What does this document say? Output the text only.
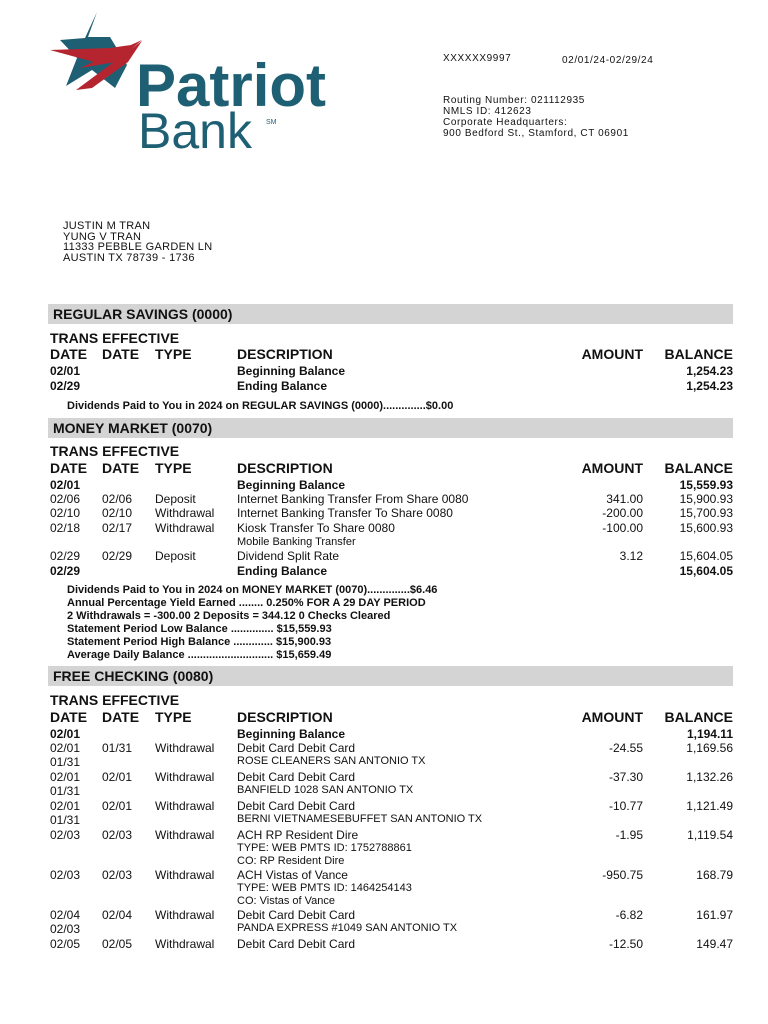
Patriot
Bank SM
XXXXXX9997	02/01/24-02/29/24
Routing Number: 021112935
NMLS ID: 412623
Corporate Headquarters:
900 Bedford St., Stamford, CT 06901
JUSTIN M TRAN
YUNG V TRAN
11333 PEBBLE GARDEN LN
AUSTIN TX 78739 - 1736
REGULAR SAVINGS (0000)
TRANS EFFECTIVE
DATE DATE TYPE	DESCRIPTION	AMOUNT BALANCE
02/01	Beginning Balance	1,254.23
02/29	Ending Balance	1,254.23
Dividends Paid to You in 2024 on REGULAR SAVINGS (0000)..............$0.00
MONEY MARKET (0070)
TRANS EFFECTIVE
DATE DATE TYPE	DESCRIPTION	AMOUNT BALANCE
02/01	Beginning Balance	15,559.93
02/06 02/06 Deposit	Internet Banking Transfer From Share 0080	341.00	15,900.93
02/10 02/10 Withdrawal Internet Banking Transfer To Share 0080	-200.00	15,700.93
02/18 02/17 Withdrawal Kiosk Transfer To Share 0080	-100.00	15,600.93
Mobile Banking Transfer
02/29 02/29 Deposit	Dividend Split Rate	3.12	15,604.05
02/29	Ending Balance	15,604.05
Dividends Paid to You in 2024 on MONEY MARKET (0070)..............$6.46
Annual Percentage Yield Earned ........ 0.250% FOR A 29 DAY PERIOD
2 Withdrawals = -300.00 2 Deposits = 344.12 0 Checks Cleared
Statement Period Low Balance .............. $15,559.93
Statement Period High Balance ............. $15,900.93
Average Daily Balance ............................ $15,659.49
FREE CHECKING (0080)
TRANS EFFECTIVE
DATE DATE TYPE	DESCRIPTION	AMOUNT BALANCE
02/01	Beginning Balance	1,194.11
02/01 01/31 Withdrawal Debit Card Debit Card	-24.55	1,169.56
01/31	ROSE CLEANERS SAN ANTONIO TX
02/01 02/01 Withdrawal Debit Card Debit Card	-37.30	1,132.26
01/31	BANFIELD 1028 SAN ANTONIO TX
02/01 02/01 Withdrawal Debit Card Debit Card	-10.77	1,121.49
01/31	BERNI VIETNAMESEBUFFET SAN ANTONIO TX
02/03 02/03 Withdrawal ACH RP Resident Dire	-1.95	1,119.54
TYPE: WEB PMTS ID: 1752788861
CO: RP Resident Dire
02/03 02/03 Withdrawal ACH Vistas of Vance	-950.75	168.79
TYPE: WEB PMTS ID: 1464254143
CO: Vistas of Vance
02/04 02/04 Withdrawal Debit Card Debit Card	-6.82	161.97
02/03	PANDA EXPRESS #1049 SAN ANTONIO TX
02/05 02/05 Withdrawal Debit Card Debit Card	-12.50	149.47
